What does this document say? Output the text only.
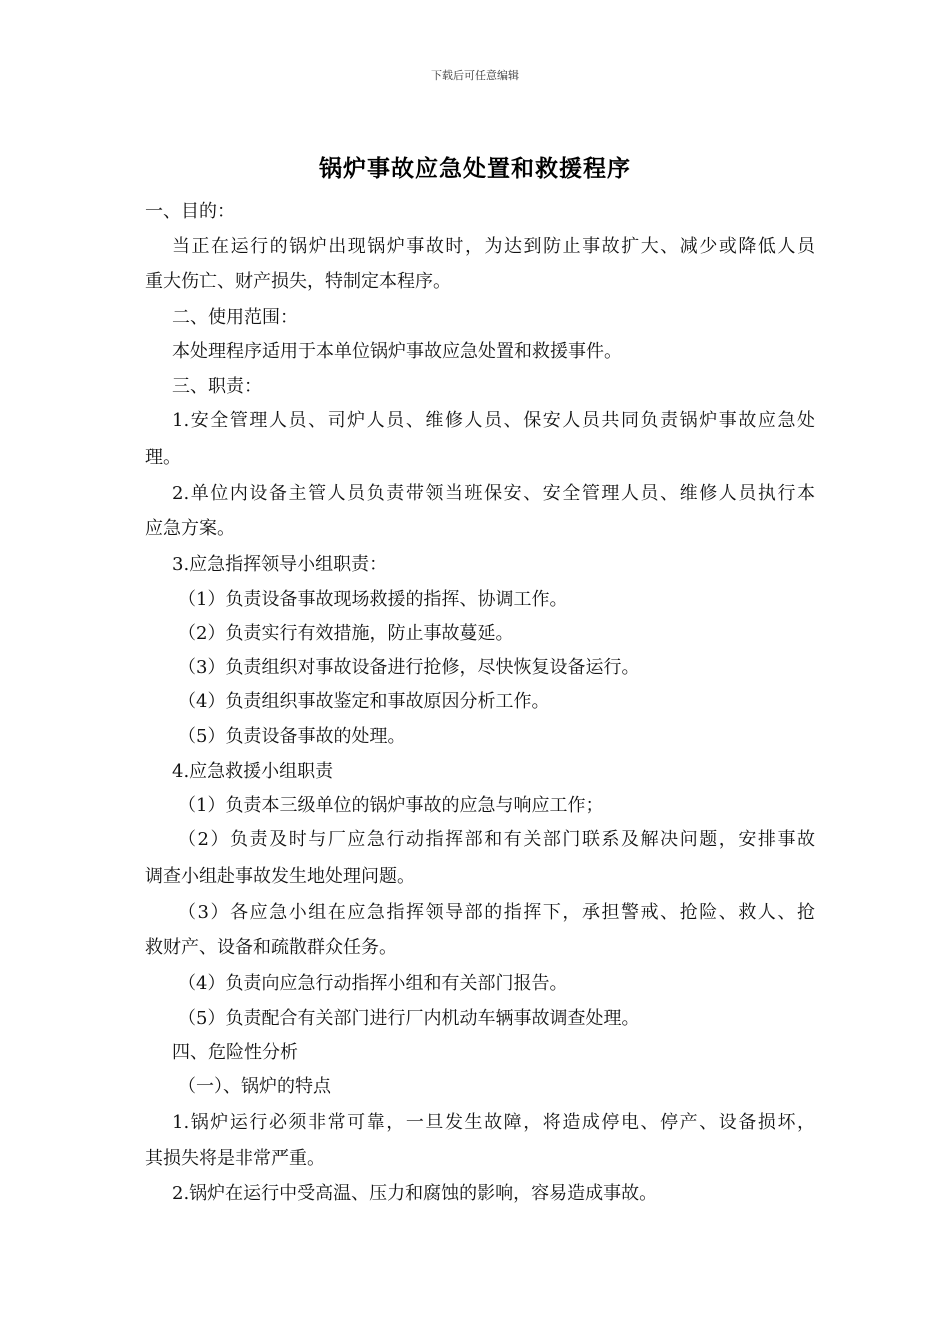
下载后可任意编辑
锅炉事故应急处置和救援程序
一、目的：
当正在运行的锅炉出现锅炉事故时，为达到防止事故扩大、减少或降低人员
重大伤亡、财产损失，特制定本程序。
二、使用范围：
本处理程序适用于本单位锅炉事故应急处置和救援事件。
三、职责：
1.安全管理人员、司炉人员、维修人员、保安人员共同负责锅炉事故应急处
理。
2.单位内设备主管人员负责带领当班保安、安全管理人员、维修人员执行本
应急方案。
3.应急指挥领导小组职责：
（1）负责设备事故现场救援的指挥、协调工作。
（2）负责实行有效措施，防止事故蔓延。
（3）负责组织对事故设备进行抢修，尽快恢复设备运行。
（4）负责组织事故鉴定和事故原因分析工作。
（5）负责设备事故的处理。
4.应急救援小组职责
（1）负责本三级单位的锅炉事故的应急与响应工作；
（2）负责及时与厂应急行动指挥部和有关部门联系及解决问题，安排事故
调查小组赴事故发生地处理问题。
（3）各应急小组在应急指挥领导部的指挥下，承担警戒、抢险、救人、抢
救财产、设备和疏散群众任务。
（4）负责向应急行动指挥小组和有关部门报告。
（5）负责配合有关部门进行厂内机动车辆事故调查处理。
四、危险性分析
（一）、锅炉的特点
1.锅炉运行必须非常可靠，一旦发生故障，将造成停电、停产、设备损坏，
其损失将是非常严重。
2.锅炉在运行中受高温、压力和腐蚀的影响，容易造成事故。
